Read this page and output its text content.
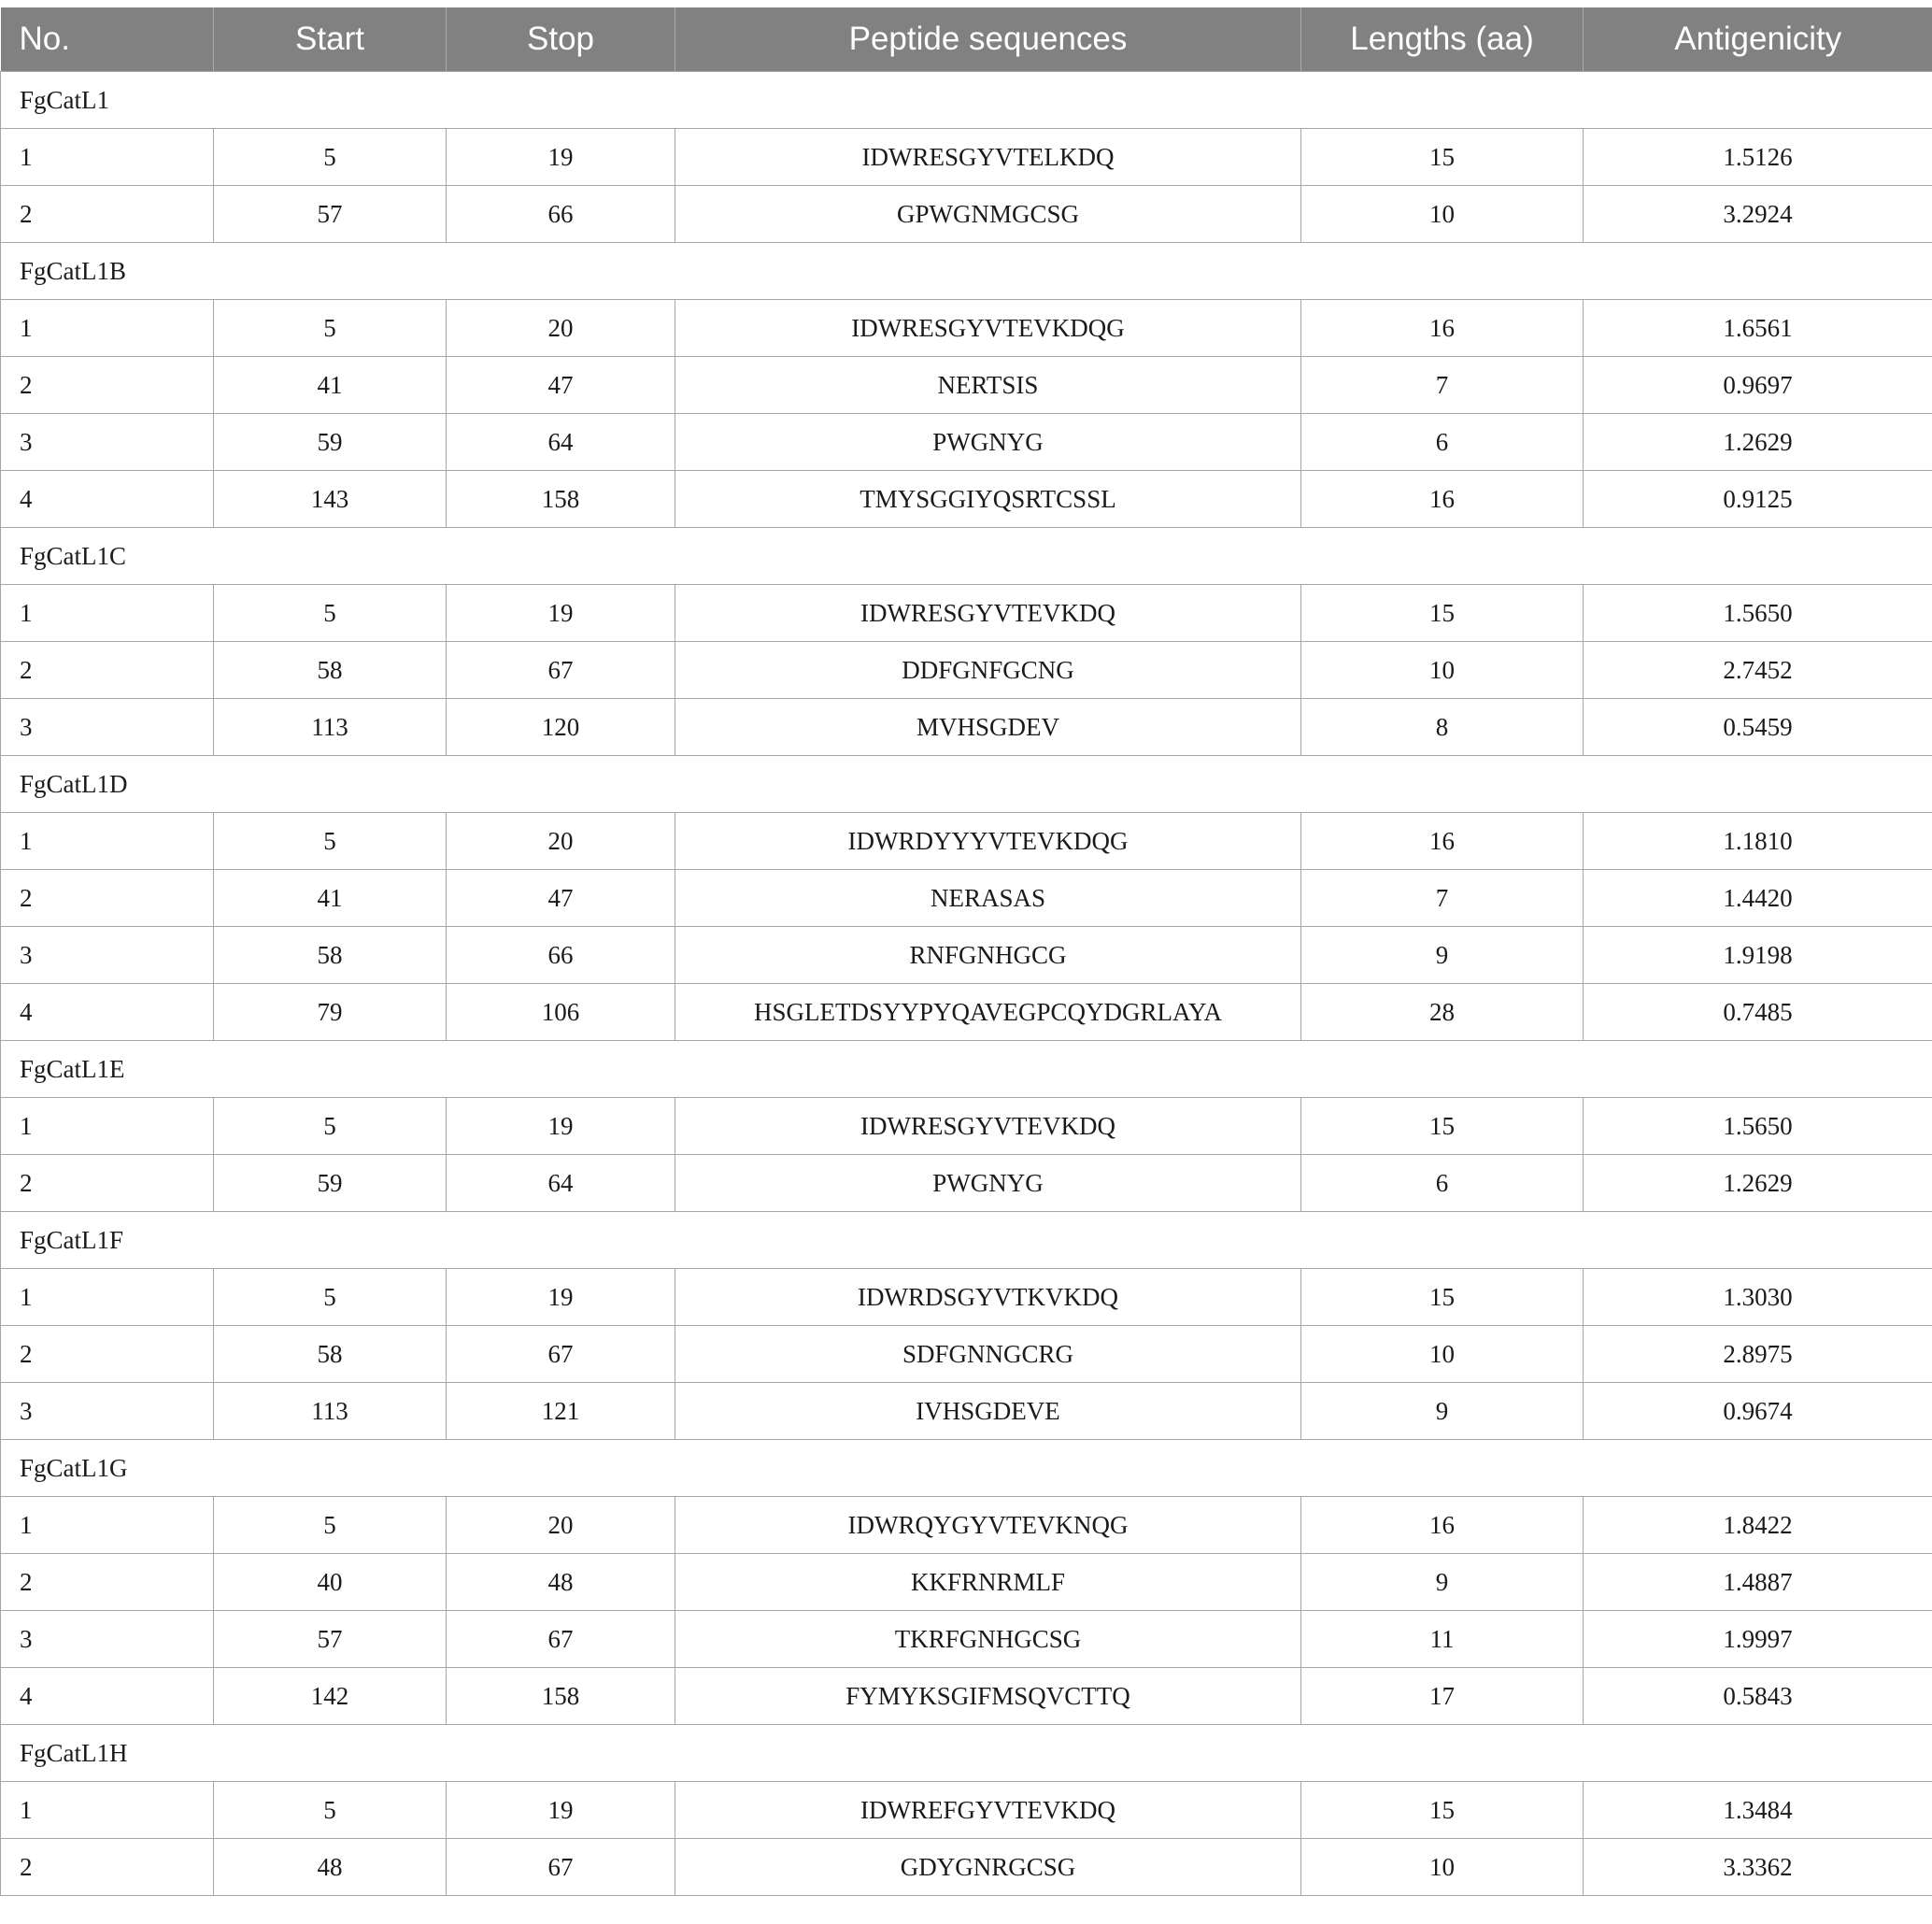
No.	Start	Stop	Peptide sequences	Lengths (aa)	Antigenicity
FgCatL1					
1	5	19	IDWRESGYVTELKDQ	15	1.5126
2	57	66	GPWGNMGCSG	10	3.2924
FgCatL1B					
1	5	20	IDWRESGYVTEVKDQG	16	1.6561
2	41	47	NERTSIS	7	0.9697
3	59	64	PWGNYG	6	1.2629
4	143	158	TMYSGGIYQSRTCSSL	16	0.9125
FgCatL1C					
1	5	19	IDWRESGYVTEVKDQ	15	1.5650
2	58	67	DDFGNFGCNG	10	2.7452
3	113	120	MVHSGDEV	8	0.5459
FgCatL1D					
1	5	20	IDWRDYYYVTEVKDQG	16	1.1810
2	41	47	NERASAS	7	1.4420
3	58	66	RNFGNHGCG	9	1.9198
4	79	106	HSGLETDSYYPYQAVEGPCQYDGRLAYA	28	0.7485
FgCatL1E					
1	5	19	IDWRESGYVTEVKDQ	15	1.5650
2	59	64	PWGNYG	6	1.2629
FgCatL1F					
1	5	19	IDWRDSGYVTKVKDQ	15	1.3030
2	58	67	SDFGNNGCRG	10	2.8975
3	113	121	IVHSGDEVE	9	0.9674
FgCatL1G					
1	5	20	IDWRQYGYVTEVKNQG	16	1.8422
2	40	48	KKFRNRMLF	9	1.4887
3	57	67	TKRFGNHGCSG	11	1.9997
4	142	158	FYMYKSGIFMSQVCTTQ	17	0.5843
FgCatL1H					
1	5	19	IDWREFGYVTEVKDQ	15	1.3484
2	48	67	GDYGNRGCSG	10	3.3362
